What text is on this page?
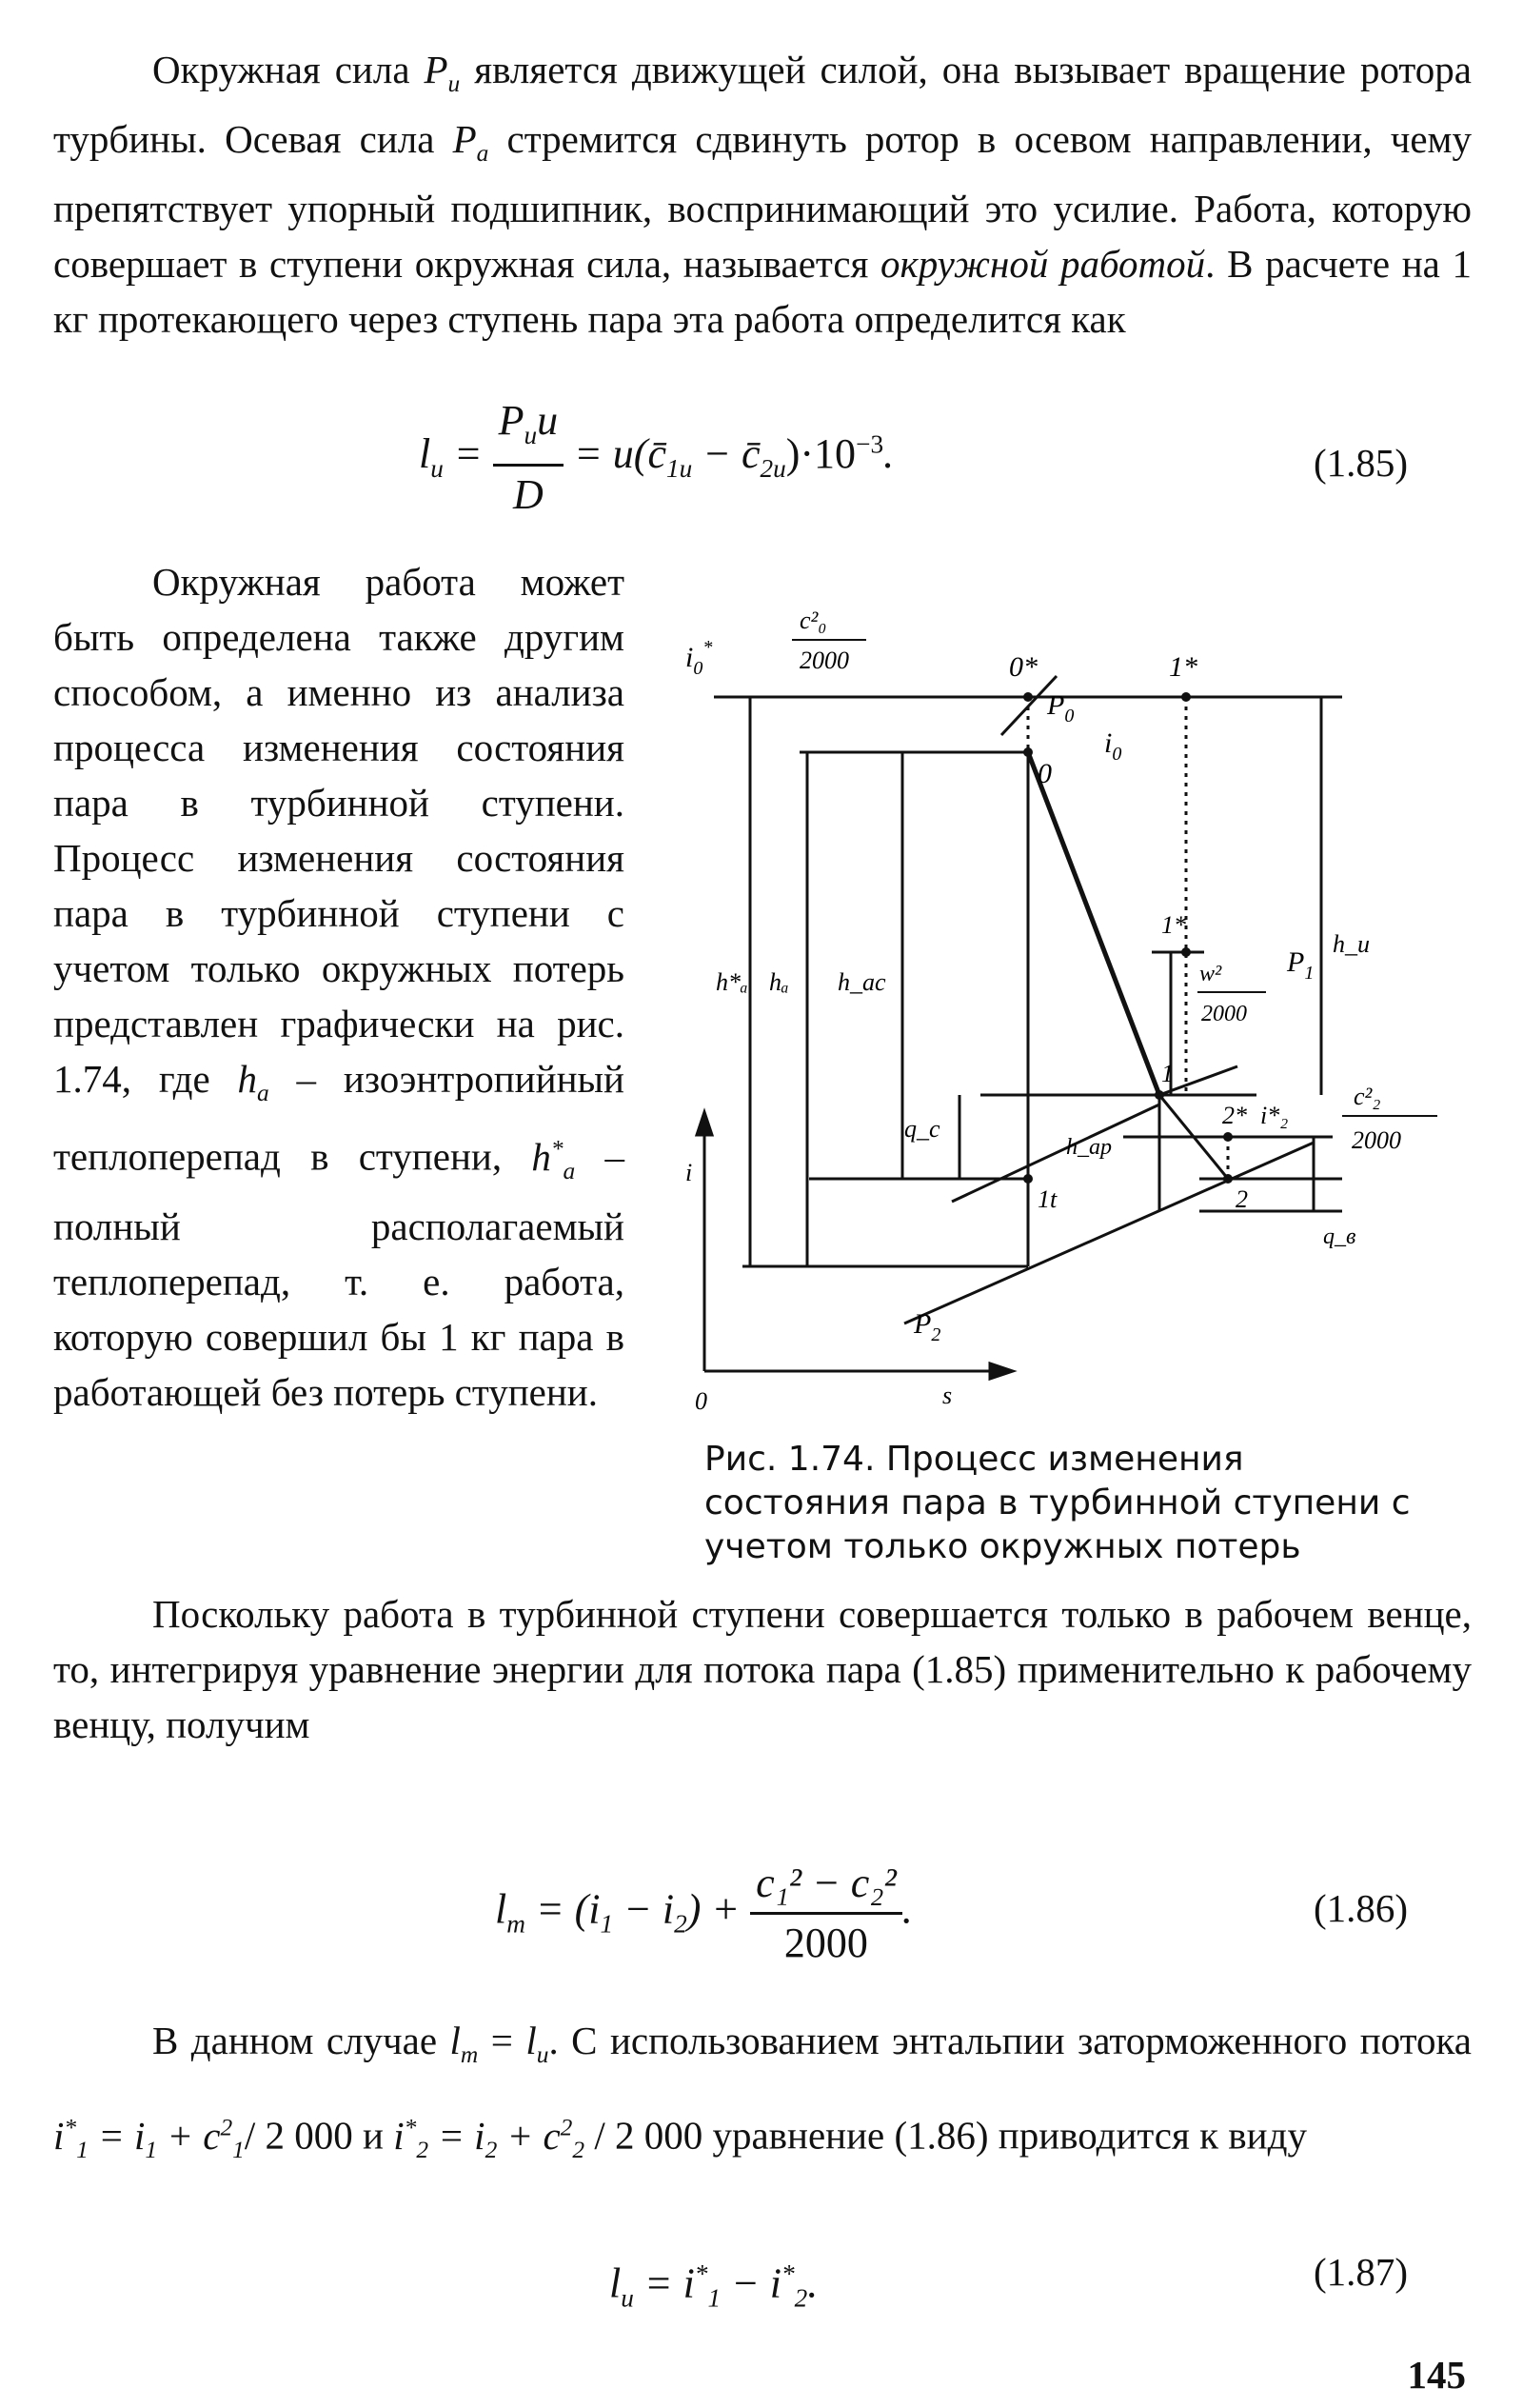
Окружная сила $P_u$ является движущей силой, она вызывает вращение ротора турбины. Осевая сила $P_a$ стремится сдвинуть ротор в осевом направлении, чему препятствует упорный подшипник, воспринимающий это усилие. Работа, которую совершает в ступени окружная сила, называется окружной работой. В расчете на 1 кг протекающего через ступень пара эта работа определится как

$l_u = \frac{P_uu}{D}$ = $u(c̄_{1u}$ − $c̄_{2u})\cdot 10^{-3}$.	(1.85)

Окружная работа может быть определена также другим способом, а именно из анализа процесса изменения состояния пара в турбинной ступени. Процесс изменения состояния пара в турбинной ступени с учетом только окружных потерь представлен графически на рис. 1.74, где $h_a$ – изоэнтропийный теплоперепад в ступени, $h^*_a$ – полный располагаемый теплоперепад, т. е. работа, которую совершил бы 1 кг пара в работающей без потерь ступени.

$i_0^*$
c²₀
2000	0*	1*
$P_0$
$i_0$
0
h*ₐ hₐ h_ac
h_u
1*
w²
2000
$P_1$
1
2* i*₂
c²₂
2000
q_c
h_ар
1t	2
q_в
i
s
0
$P_2$
Рис. 1.74. Процесс изменения состояния пара в турбинной ступени с учетом только окружных потерь

Поскольку работа в турбинной ступени совершается только в рабочем венце, то, интегрируя уравнение энергии для потока пара (1.85) применительно к рабочему венцу, получим

$l_т = (i_1 - i_2) + \frac{\text{c₁² − c₂²}}{2000}$ .	(1.86)

В данном случае $l_т = l_u$. С использованием энтальпии заторможенного потока $i^*_1 = i_1 + c^2_1/$ 2 000 и $i^*_2 = i_2 + c^2_2 / 2$ 000 уравнение (1.86) приводится к виду

$l_u = i^*_1 - i^*_2$.	(1.87)
145
